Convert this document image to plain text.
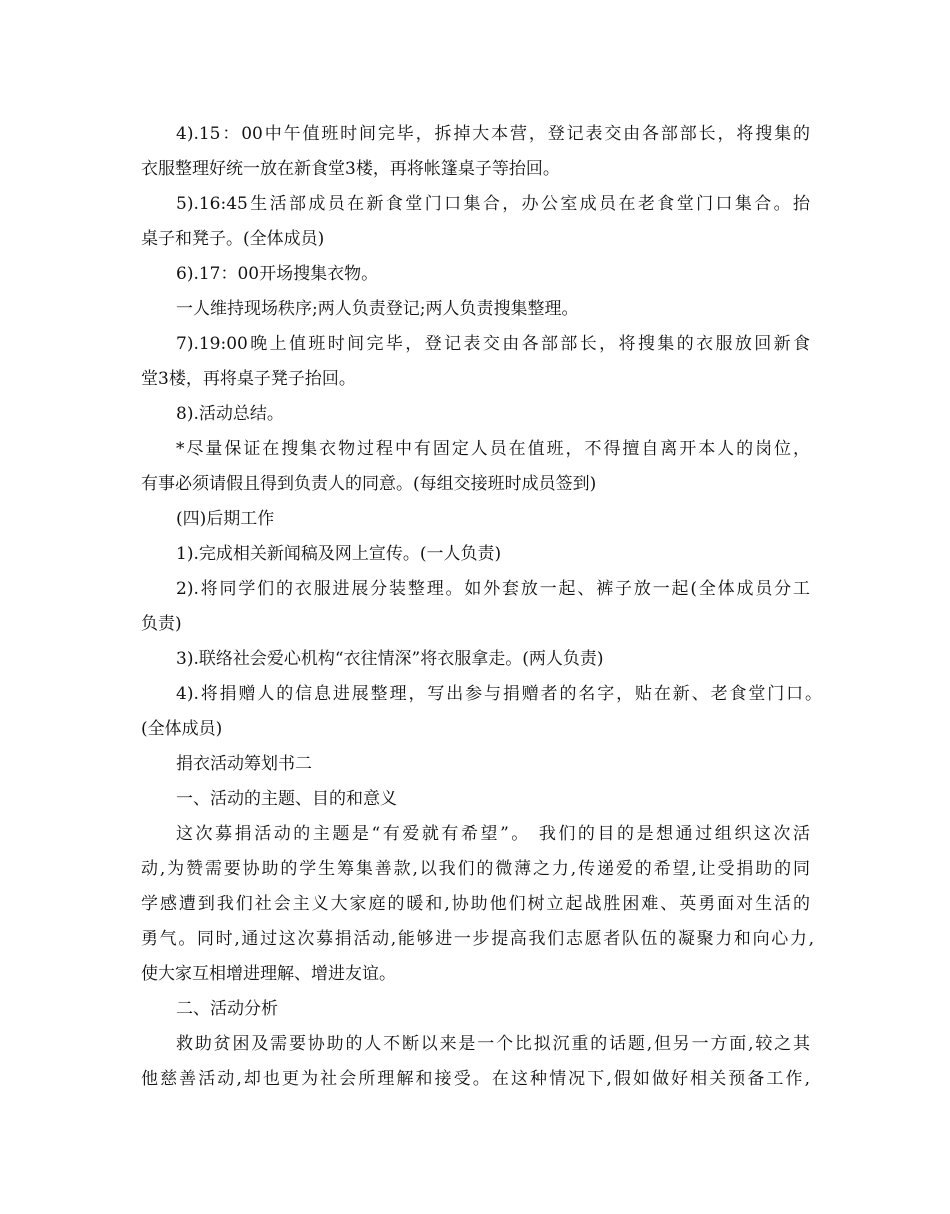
4).15：00中午值班时间完毕，拆掉大本营，登记表交由各部部长，将搜集的
衣服整理好统一放在新食堂3楼，再将帐篷桌子等抬回。
5).16:45生活部成员在新食堂门口集合，办公室成员在老食堂门口集合。抬
桌子和凳子。(全体成员)
6).17：00开场搜集衣物。
一人维持现场秩序;两人负责登记;两人负责搜集整理。
7).19:00晚上值班时间完毕，登记表交由各部部长，将搜集的衣服放回新食
堂3楼，再将桌子凳子抬回。
8).活动总结。
*尽量保证在搜集衣物过程中有固定人员在值班，不得擅自离开本人的岗位，
有事必须请假且得到负责人的同意。(每组交接班时成员签到)
(四)后期工作
1).完成相关新闻稿及网上宣传。(一人负责)
2).将同学们的衣服进展分装整理。如外套放一起、裤子放一起(全体成员分工
负责)
3).联络社会爱心机构“衣往情深”将衣服拿走。(两人负责)
4).将捐赠人的信息进展整理，写出参与捐赠者的名字，贴在新、老食堂门口。
(全体成员)
捐衣活动筹划书二
一、活动的主题、目的和意义
这次募捐活动的主题是“有爱就有希望”。 我们的目的是想通过组织这次活
动,为赞需要协助的学生筹集善款,以我们的微薄之力,传递爱的希望,让受捐助的同
学感遭到我们社会主义大家庭的暖和,协助他们树立起战胜困难、英勇面对生活的
勇气。同时,通过这次募捐活动,能够进一步提高我们志愿者队伍的凝聚力和向心力,
使大家互相增进理解、增进友谊。
二、活动分析
救助贫困及需要协助的人不断以来是一个比拟沉重的话题,但另一方面,较之其
他慈善活动,却也更为社会所理解和接受。在这种情况下,假如做好相关预备工作,
